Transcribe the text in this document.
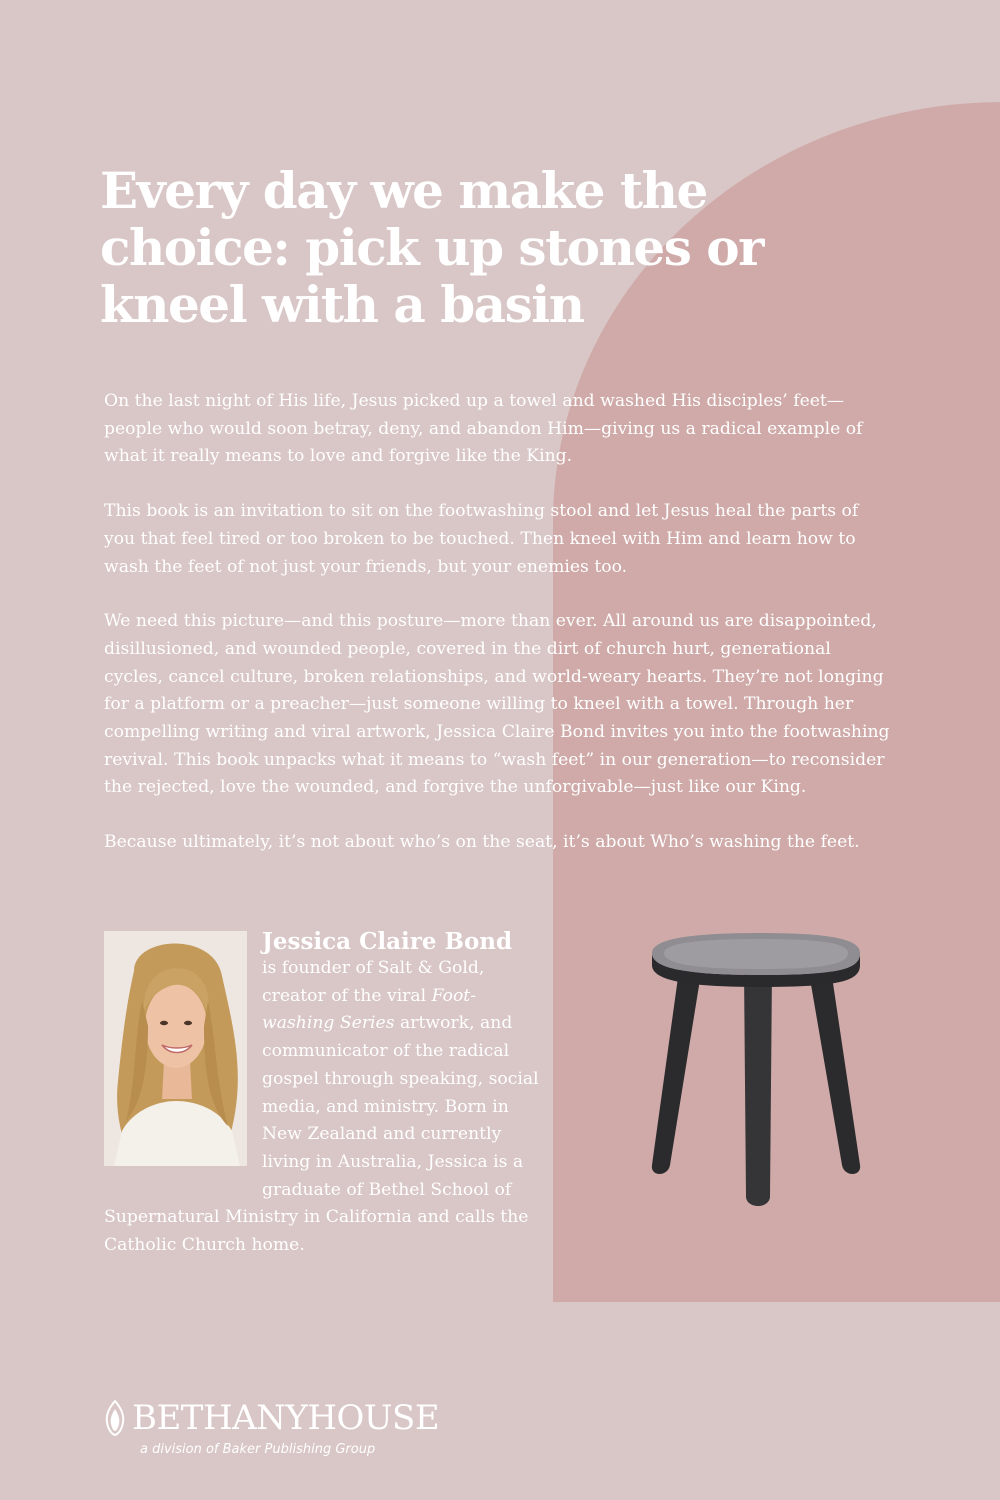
Every day we make the choice: pick up stones or kneel with a basin

On the last night of His life, Jesus picked up a towel and washed His disciples’ feet—people who would soon betray, deny, and abandon Him—giving us a radical example of what it really means to love and forgive like the King.

This book is an invitation to sit on the footwashing stool and let Jesus heal the parts of you that feel tired or too broken to be touched. Then kneel with Him and learn how to wash the feet of not just your friends, but your enemies too.

We need this picture—and this posture—more than ever. All around us are disappointed, disillusioned, and wounded people, covered in the dirt of church hurt, generational cycles, cancel culture, broken relationships, and world-weary hearts. They’re not longing for a platform or a preacher—just someone willing to kneel with a towel. Through her compelling writing and viral artwork, Jessica Claire Bond invites you into the footwashing revival. This book unpacks what it means to “wash feet” in our generation—to reconsider the rejected, love the wounded, and forgive the unforgivable—just like our King.

Because ultimately, it’s not about who’s on the seat, it’s about Who’s washing the feet.

Jessica Claire Bond
is founder of Salt & Gold, creator of the viral Foot-washing Series artwork, and communicator of the radical gospel through speaking, social media, and ministry. Born in New Zealand and currently living in Australia, Jessica is a graduate of Bethel School of Supernatural Ministry in California and calls the Catholic Church home.
BETHANYHOUSE
a division of Baker Publishing Group
